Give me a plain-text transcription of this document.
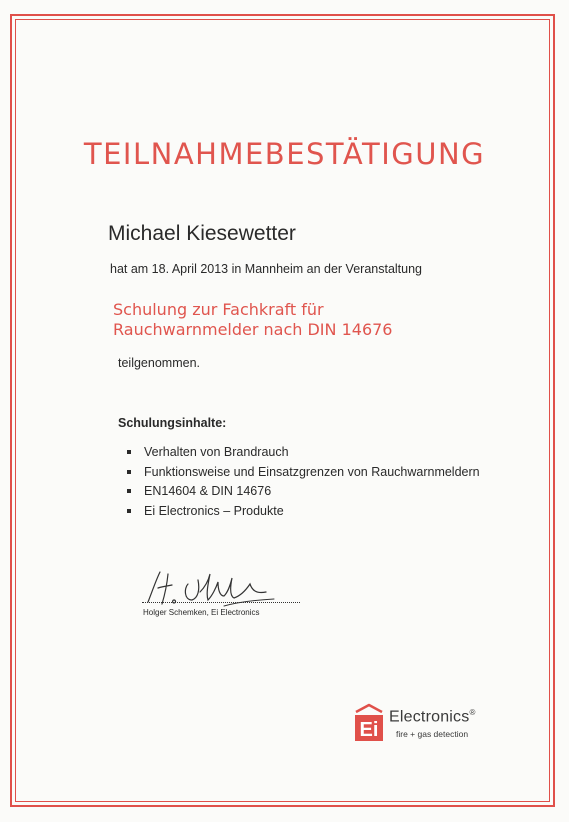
TEILNAHMEBESTÄTIGUNG
Michael Kiesewetter
hat am 18. April 2013 in Mannheim an der Veranstaltung
Schulung zur Fachkraft für
Rauchwarnmelder nach DIN 14676
teilgenommen.
Schulungsinhalte:
Verhalten von Brandrauch
Funktionsweise und Einsatzgrenzen von Rauchwarnmeldern
EN14604 & DIN 14676
Ei Electronics – Produkte
Holger Schemken, Ei Electronics
Ei
Electronics®
fire + gas detection
